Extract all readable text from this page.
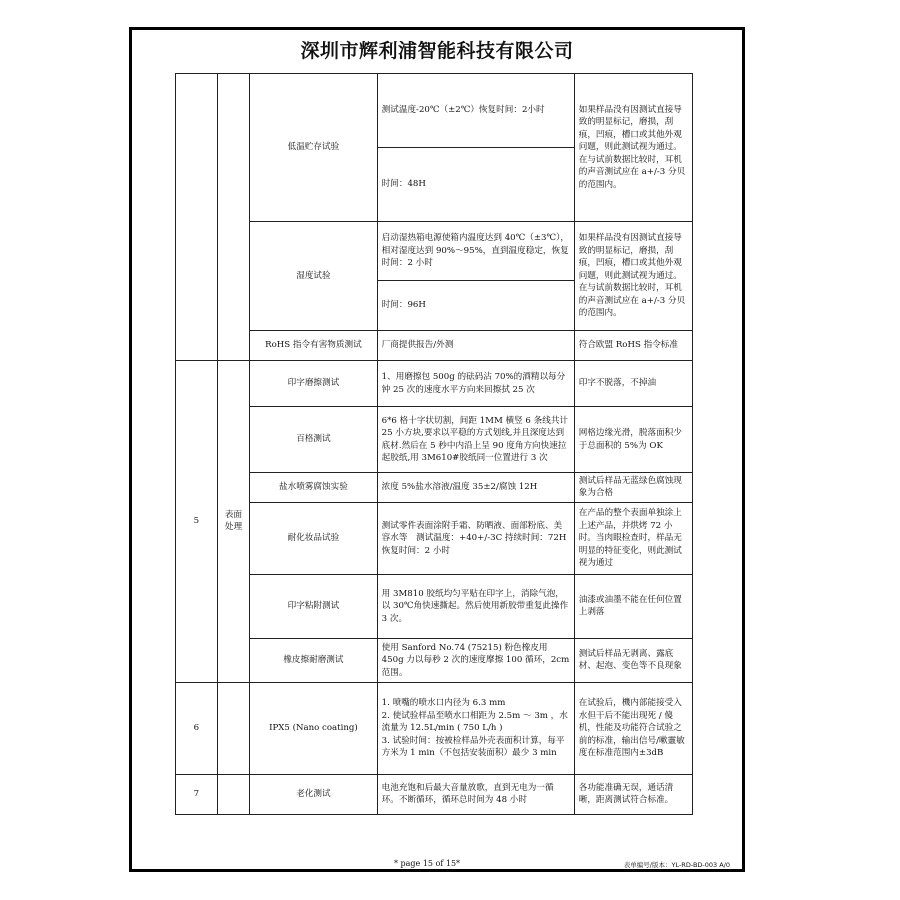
深圳市辉利浦智能科技有限公司
		低温贮存试验	测试温度-20℃（±2℃）恢复时间：2小时	如果样品没有因测试直接导致的明显标记，磨损，刮痕，凹痕，槽口或其他外观问题，则此测试视为通过。在与试前数据比较时，耳机的声音测试应在 a+/-3 分贝的范围内。
			时间：48H	
		湿度试验	启动湿热箱电源使箱内温度达到 40℃（±3℃），相对湿度达到 90%～95%，直到温度稳定，恢复时间：2 小时	如果样品没有因测试直接导致的明显标记，磨损，刮痕，凹痕，槽口或其他外观问题，则此测试视为通过。在与试前数据比较时，耳机的声音测试应在 a+/-3 分贝的范围内。
			时间：96H	
		RoHS 指令有害物质测试	厂商提供报告/外测	符合欧盟 RoHS 指令标准
5	表面处理	印字磨擦测试	1、用磨擦包 500g 的砝码沾 70%的酒精以每分钟 25 次的速度水平方向来回擦拭 25 次	印字不脱落，不掉油
		百格测试	6*6 格十字状切割，间距 1MM 横竖 6 条线共计 25 小方块,要求以平稳的方式划线,并且深度达到底材.然后在 5 秒中内沿上呈 90 度角方向快速拉起胶纸,用 3M610#胶纸同一位置进行 3 次	网格边缘光滑，脱落面积少于总面积的 5%为 OK
		盐水喷雾腐蚀实验	浓度 5%盐水溶液/温度 35±2/腐蚀 12H	测试后样品无蓝绿色腐蚀现象为合格
		耐化妆品试验	测试零件表面涂附手霜、防晒液、面部粉底、美容水等　测试温度：+40+/-3C 持续时间：72H 恢复时间：2 小时	在产品的整个表面单独涂上上述产品，并烘烤 72 小时。当肉眼检查时，样品无明显的特征变化，则此测试视为通过
		印字粘附测试	用 3M810 胶纸均匀平贴在印字上，消除气泡，以 30℃角快速撕起。然后使用新胶带重复此操作 3 次。	油漆或油墨不能在任何位置上剥落
		橡皮擦耐磨测试	使用 Sanford No.74 (75215) 粉色橡皮用 450g 力以每秒 2 次的速度摩擦 100 循环，2cm 范围。	测试后样品无剥离、露底材、起泡、变色等不良现象
6		IPX5 (Nano coating)	1. 喷嘴的喷水口内径为 6.3 mm
2. 使试验样品至喷水口相距为 2.5m ～ 3m ，水流量为 12.5L/min ( 750 L/h )
3. 试验时间：按被检样品外壳表面积计算，每平方米为 1 min（不包括安装面积）最少 3 min	在试验后，機内部能接受入水但干后不能出现死 / 傻机，性能及功能符合试验之前的标准，输出信号/嗽靈敏度在标准范围内±3dB
7		老化测试	电池充饱和后最大音量放歌，直到无电为一循环。不断循环，循环总时间为 48 小时	各功能准确无误，通话清晰，距离测试符合标准。
* page 15 of 15*	表单编号/版本：YL-RD-BD-003 A/0
